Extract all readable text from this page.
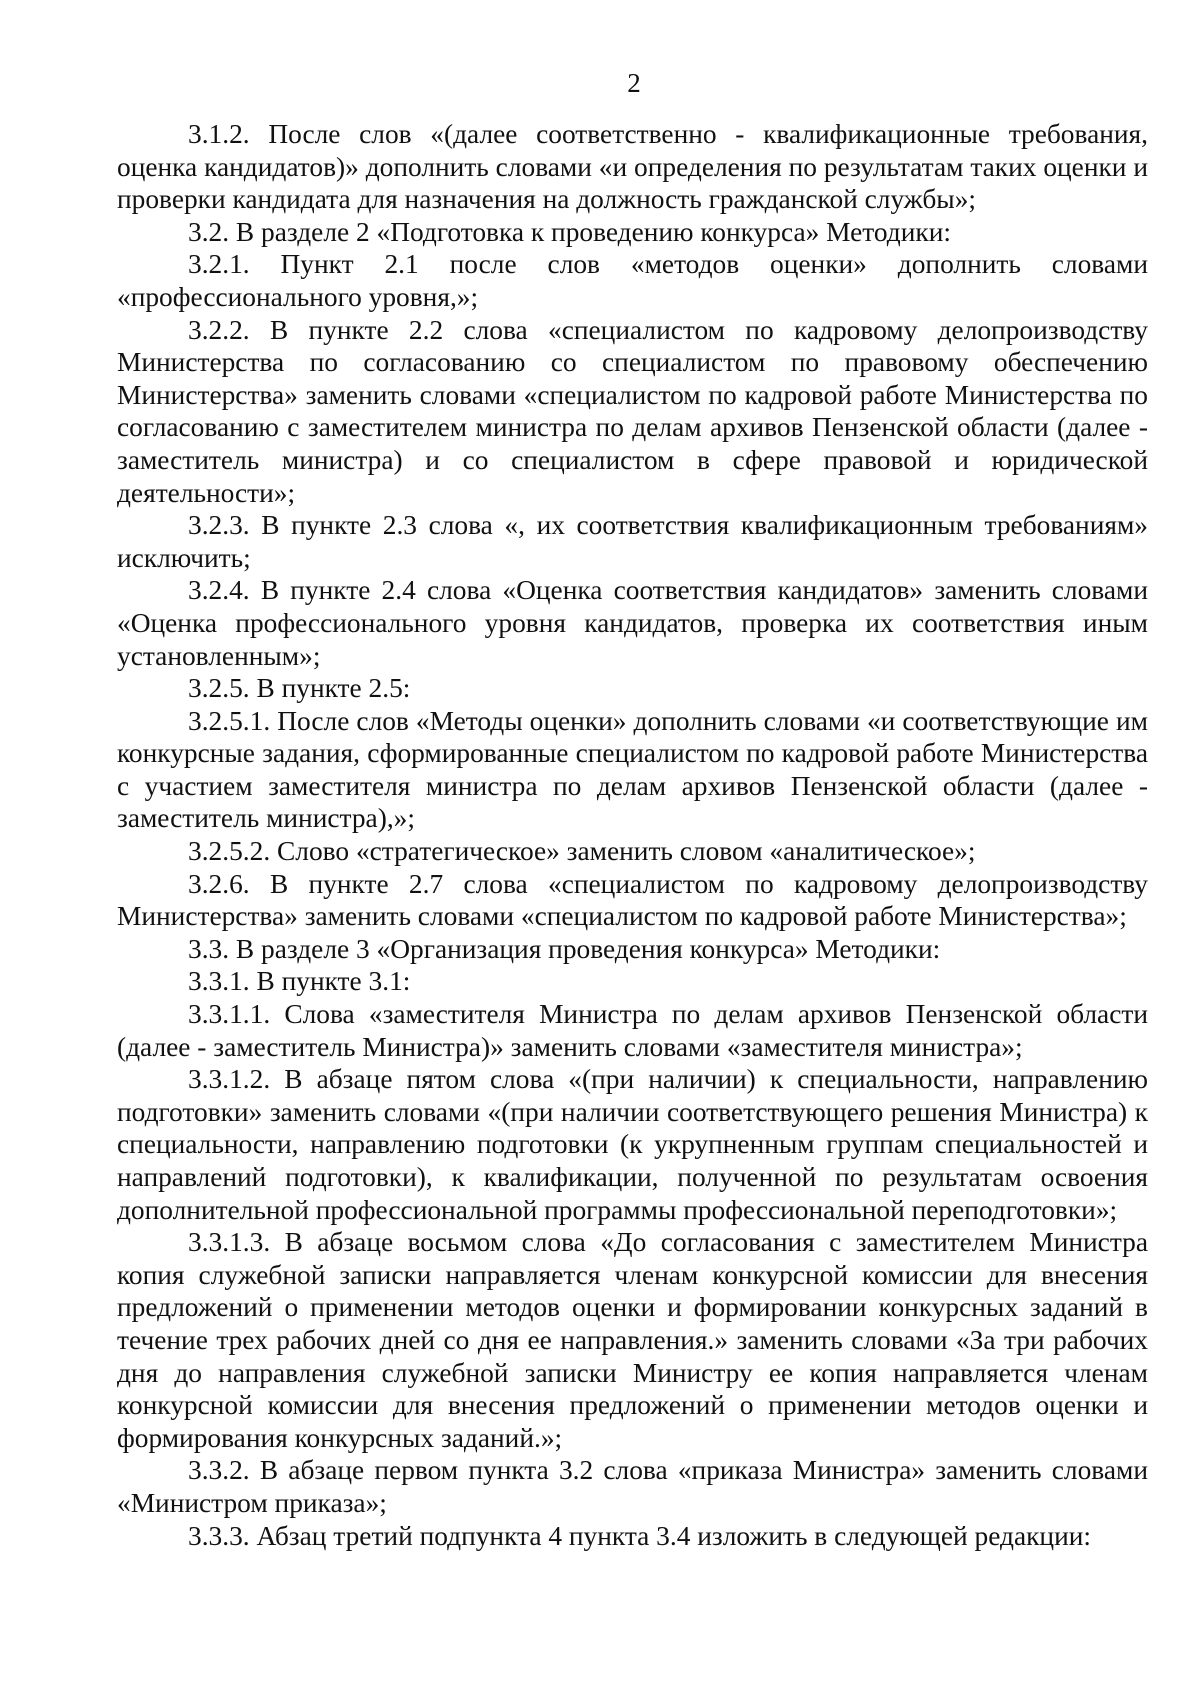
2

3.1.2. После слов «(далее соответственно - квалификационные требования, оценка кандидатов)» дополнить словами «и определения по результатам таких оценки и проверки кандидата для назначения на должность гражданской службы»;

3.2. В разделе 2 «Подготовка к проведению конкурса» Методики:

3.2.1. Пункт 2.1 после слов «методов оценки» дополнить словами «профессионального уровня,»;

3.2.2. В пункте 2.2 слова «специалистом по кадровому делопроизводству Министерства по согласованию со специалистом по правовому обеспечению Министерства» заменить словами «специалистом по кадровой работе Министерства по согласованию с заместителем министра по делам архивов Пензенской области (далее - заместитель министра) и со специалистом в сфере правовой и юридической деятельности»;

3.2.3. В пункте 2.3 слова «, их соответствия квалификационным требованиям» исключить;

3.2.4. В пункте 2.4 слова «Оценка соответствия кандидатов» заменить словами «Оценка профессионального уровня кандидатов, проверка их соответствия иным установленным»;

3.2.5. В пункте 2.5:

3.2.5.1. После слов «Методы оценки» дополнить словами «и соответствующие им конкурсные задания, сформированные специалистом по кадровой работе Министерства с участием заместителя министра по делам архивов Пензенской области (далее - заместитель министра),»;

3.2.5.2. Слово «стратегическое» заменить словом «аналитическое»;

3.2.6. В пункте 2.7 слова «специалистом по кадровому делопроизводству Министерства» заменить словами «специалистом по кадровой работе Министерства»;

3.3. В разделе 3 «Организация проведения конкурса» Методики:

3.3.1. В пункте 3.1:

3.3.1.1. Слова «заместителя Министра по делам архивов Пензенской области (далее - заместитель Министра)» заменить словами «заместителя министра»;

3.3.1.2. В абзаце пятом слова «(при наличии) к специальности, направлению подготовки» заменить словами «(при наличии соответствующего решения Министра) к специальности, направлению подготовки (к укрупненным группам специальностей и направлений подготовки), к квалификации, полученной по результатам освоения дополнительной профессиональной программы профессиональной переподготовки»;

3.3.1.3. В абзаце восьмом слова «До согласования с заместителем Министра копия служебной записки направляется членам конкурсной комиссии для внесения предложений о применении методов оценки и формировании конкурсных заданий в течение трех рабочих дней со дня ее направления.» заменить словами «За три рабочих дня до направления служебной записки Министру ее копия направляется членам конкурсной комиссии для внесения предложений о применении методов оценки и формирования конкурсных заданий.»;

3.3.2. В абзаце первом пункта 3.2 слова «приказа Министра» заменить словами «Министром приказа»;

3.3.3. Абзац третий подпункта 4 пункта 3.4 изложить в следующей редакции:
